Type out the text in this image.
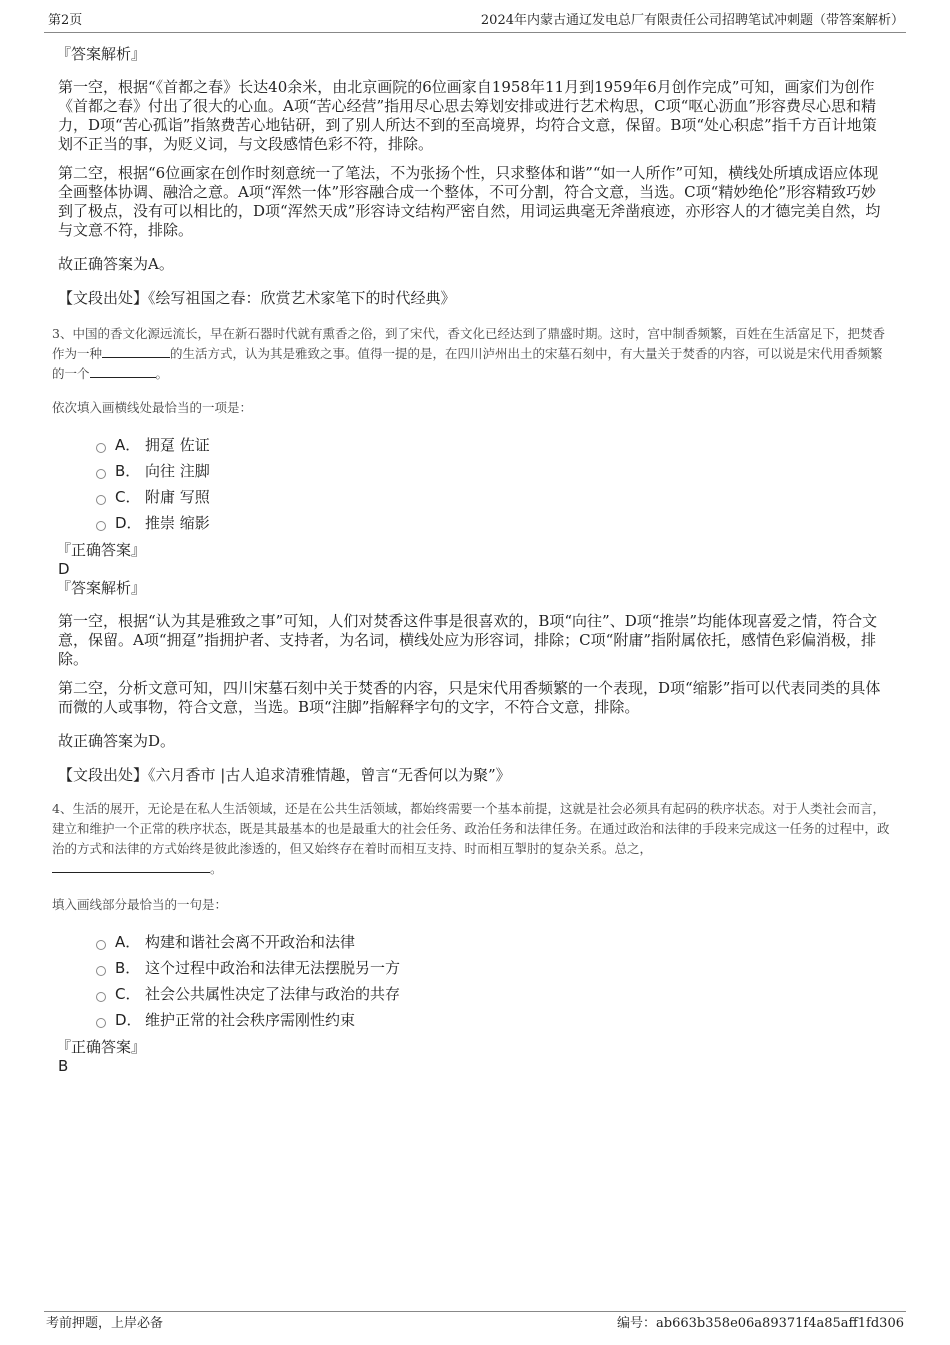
第2页	2024年内蒙古通辽发电总厂有限责任公司招聘笔试冲刺题（带答案解析）
『答案解析』
第一空，根据“《首都之春》长达40余米，由北京画院的6位画家自1958年11月到1959年6月创作完成”可知，画家们为创作《首都之春》付出了很大的心血。A项“苦心经营”指用尽心思去筹划安排或进行艺术构思，C项“呕心沥血”形容费尽心思和精力，D项“苦心孤诣”指煞费苦心地钻研，到了别人所达不到的至高境界，均符合文意，保留。B项“处心积虑”指千方百计地策划不正当的事，为贬义词，与文段感情色彩不符，排除。
第二空，根据“6位画家在创作时刻意统一了笔法，不为张扬个性，只求整体和谐”“如一人所作”可知，横线处所填成语应体现全画整体协调、融洽之意。A项“浑然一体”形容融合成一个整体，不可分割，符合文意，当选。C项“精妙绝伦”形容精致巧妙到了极点，没有可以相比的，D项“浑然天成”形容诗文结构严密自然，用词运典毫无斧凿痕迹，亦形容人的才德完美自然，均与文意不符，排除。
故正确答案为A。
【文段出处】《绘写祖国之春：欣赏艺术家笔下的时代经典》
3、中国的香文化源远流长，早在新石器时代就有熏香之俗，到了宋代，香文化已经达到了鼎盛时期。这时，宫中制香频繁，百姓在生活富足下，把焚香作为一种	的生活方式，认为其是雅致之事。值得一提的是，在四川泸州出土的宋墓石刻中，有大量关于焚香的内容，可以说是宋代用香频繁的一个	。
依次填入画横线处最恰当的一项是：
A． 拥趸 佐证
B． 向往 注脚
C． 附庸 写照
D． 推崇 缩影
『正确答案』
D
『答案解析』
第一空，根据“认为其是雅致之事”可知，人们对焚香这件事是很喜欢的，B项“向往”、D项“推崇”均能体现喜爱之情，符合文意，保留。A项“拥趸”指拥护者、支持者，为名词，横线处应为形容词，排除；C项“附庸”指附属依托，感情色彩偏消极，排除。
第二空，分析文意可知，四川宋墓石刻中关于焚香的内容，只是宋代用香频繁的一个表现，D项“缩影”指可以代表同类的具体而微的人或事物，符合文意，当选。B项“注脚”指解释字句的文字，不符合文意，排除。
故正确答案为D。
【文段出处】《六月香市 |古人追求清雅情趣，曾言“无香何以为聚”》
4、生活的展开，无论是在私人生活领域，还是在公共生活领域，都始终需要一个基本前提，这就是社会必须具有起码的秩序状态。对于人类社会而言，建立和维护一个正常的秩序状态，既是其最基本的也是最重大的社会任务、政治任务和法律任务。在通过政治和法律的手段来完成这一任务的过程中，政治的方式和法律的方式始终是彼此渗透的，但又始终存在着时而相互支持、时而相互掣肘的复杂关系。总之，
。
填入画线部分最恰当的一句是：
A． 构建和谐社会离不开政治和法律
B． 这个过程中政治和法律无法摆脱另一方
C． 社会公共属性决定了法律与政治的共存
D． 维护正常的社会秩序需刚性约束
『正确答案』
B
考前押题，上岸必备	编号：ab663b358e06a89371f4a85aff1fd306
